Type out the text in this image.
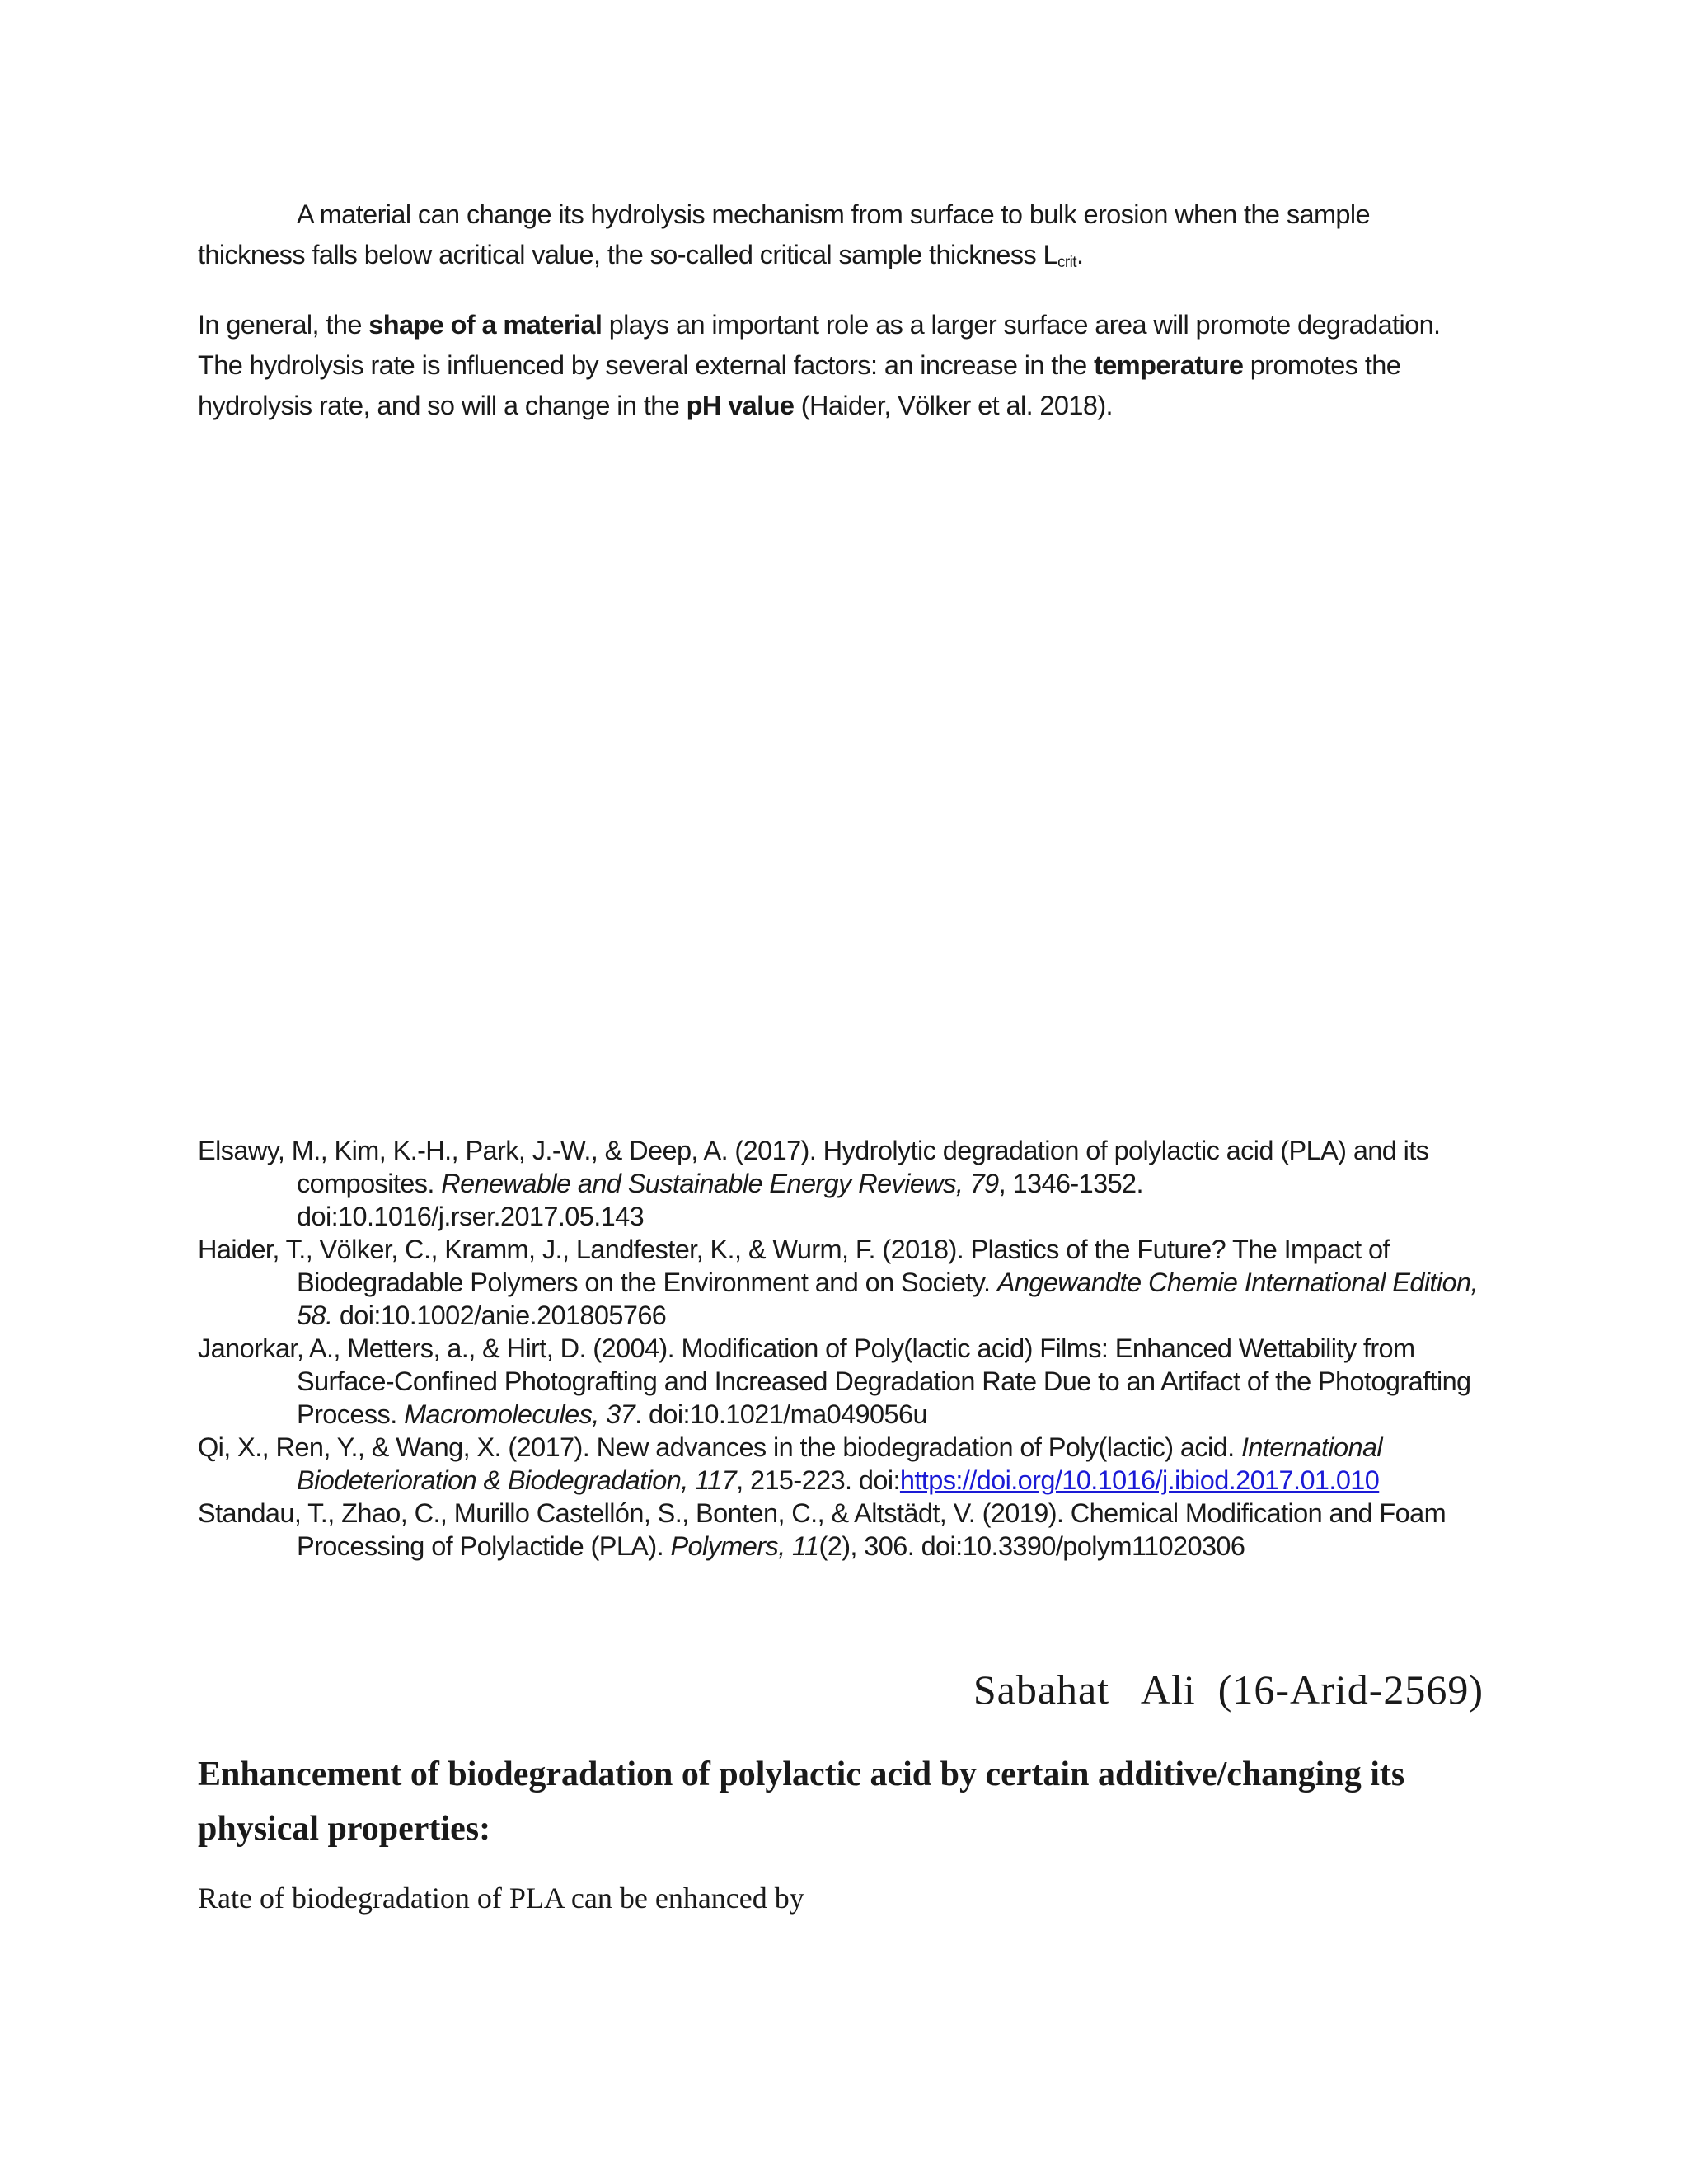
A material can change its hydrolysis mechanism from surface to bulk erosion when the sample thickness falls below acritical value, the so-called critical sample thickness $L_{crit}$.

In general, the shape of a material plays an important role as a larger surface area will promote degradation. The hydrolysis rate is influenced by several external factors: an increase in the temperature promotes the hydrolysis rate, and so will a change in the pH value (Haider, Völker et al. 2018).

Elsawy, M., Kim, K.-H., Park, J.-W., & Deep, A. (2017). Hydrolytic degradation of polylactic acid (PLA) and its composites. Renewable and Sustainable Energy Reviews, 79, 1346-1352. doi:10.1016/j.rser.2017.05.143
Haider, T., Völker, C., Kramm, J., Landfester, K., & Wurm, F. (2018). Plastics of the Future? The Impact of Biodegradable Polymers on the Environment and on Society. Angewandte Chemie International Edition, 58. doi:10.1002/anie.201805766
Janorkar, A., Metters, a., & Hirt, D. (2004). Modification of Poly(lactic acid) Films: Enhanced Wettability from Surface-Confined Photografting and Increased Degradation Rate Due to an Artifact of the Photografting Process. Macromolecules, 37. doi:10.1021/ma049056u
Qi, X., Ren, Y., & Wang, X. (2017). New advances in the biodegradation of Poly(lactic) acid. International Biodeterioration & Biodegradation, 117, 215-223. doi:https://doi.org/10.1016/j.ibiod.2017.01.010
Standau, T., Zhao, C., Murillo Castellón, S., Bonten, C., & Altstädt, V. (2019). Chemical Modification and Foam Processing of Polylactide (PLA). Polymers, 11(2), 306. doi:10.3390/polym11020306
Sabahat   Ali  (16-Arid-2569)
Enhancement of biodegradation of polylactic acid by certain additive/changing its physical properties:

Rate of biodegradation of PLA can be enhanced by
